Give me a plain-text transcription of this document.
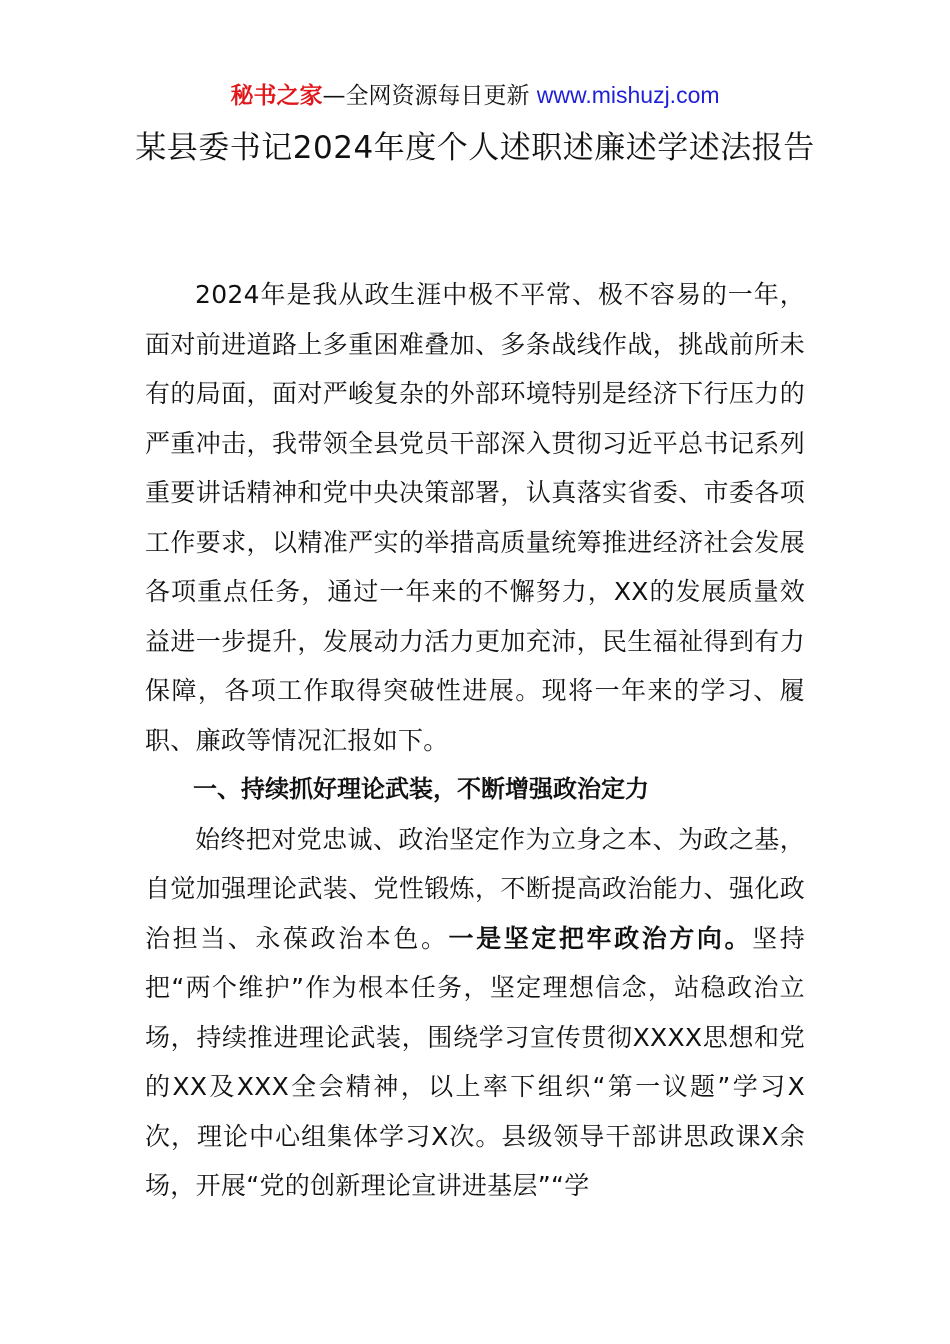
秘书之家—全网资源每日更新 www.mishuzj.com
某县委书记2024年度个人述职述廉述学述法报告

2024年是我从政生涯中极不平常、极不容易的一年，面对前进道路上多重困难叠加、多条战线作战，挑战前所未有的局面，面对严峻复杂的外部环境特别是经济下行压力的严重冲击，我带领全县党员干部深入贯彻习近平总书记系列重要讲话精神和党中央决策部署，认真落实省委、市委各项工作要求，以精准严实的举措高质量统筹推进经济社会发展各项重点任务，通过一年来的不懈努力，XX的发展质量效益进一步提升，发展动力活力更加充沛，民生福祉得到有力保障，各项工作取得突破性进展。现将一年来的学习、履职、廉政等情况汇报如下。

一、持续抓好理论武装，不断增强政治定力

始终把对党忠诚、政治坚定作为立身之本、为政之基，自觉加强理论武装、党性锻炼，不断提高政治能力、强化政治担当、永葆政治本色。一是坚定把牢政治方向。坚持把“两个维护”作为根本任务，坚定理想信念，站稳政治立场，持续推进理论武装，围绕学习宣传贯彻XXXX思想和党的XX及XXX全会精神，以上率下组织“第一议题”学习X次，理论中心组集体学习X次。县级领导干部讲思政课X余场，开展“党的创新理论宣讲进基层”“学
